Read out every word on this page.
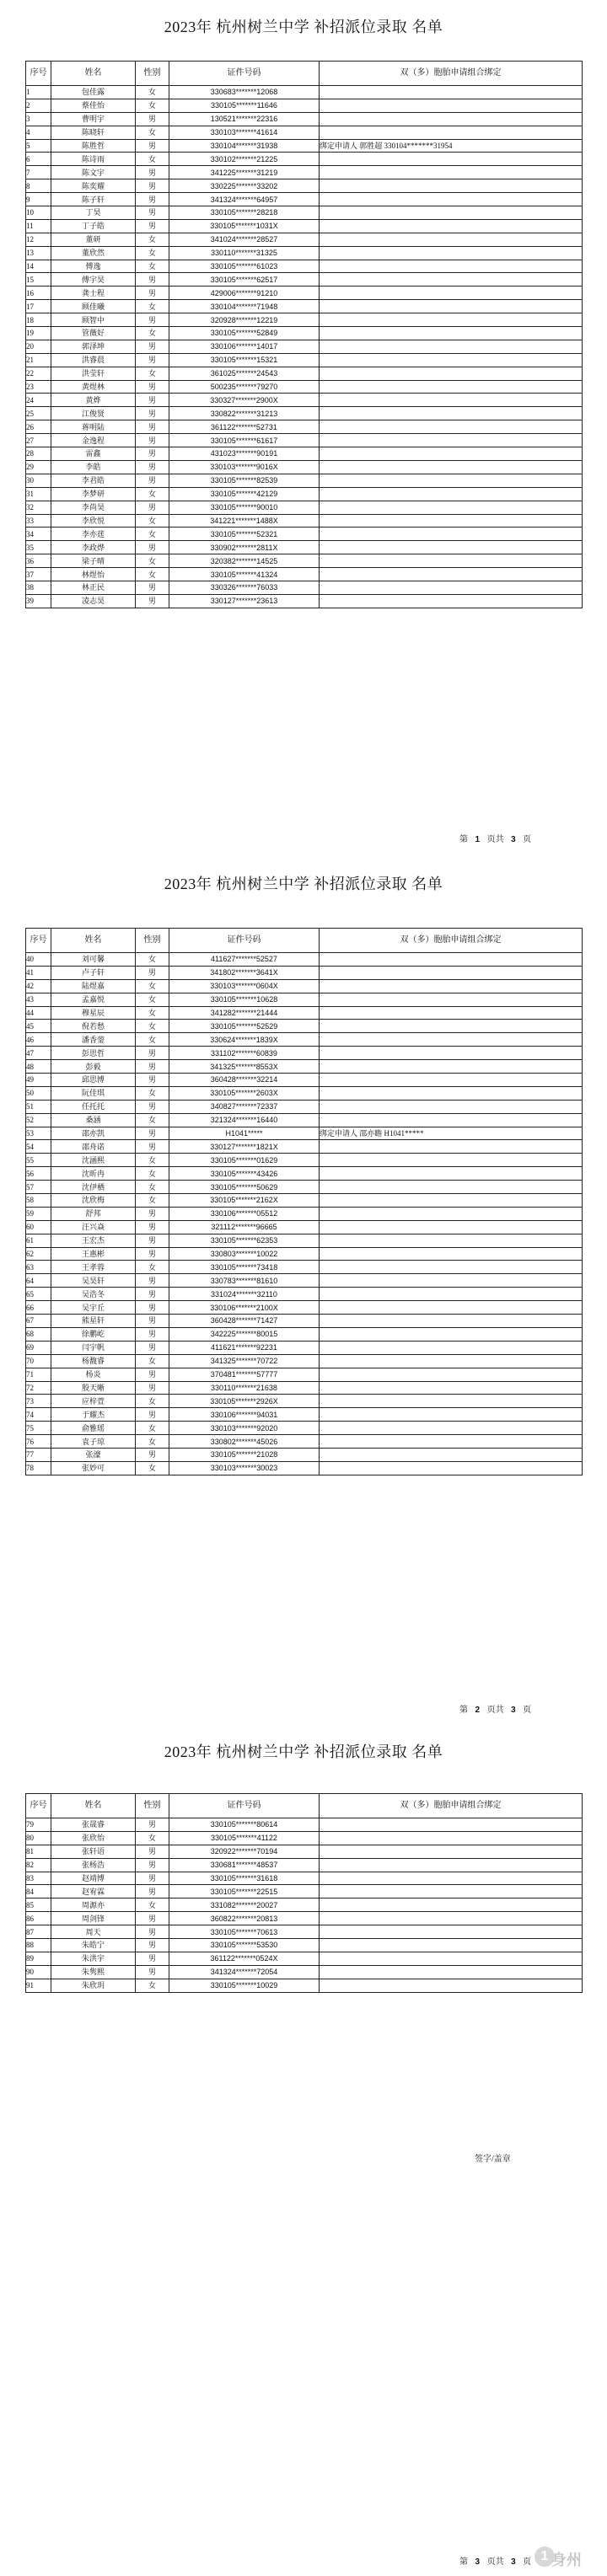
2023年 杭州树兰中学 补招派位录取 名单
序号	姓名	性别	证件号码	双（多）胞胎申请组合绑定
1	包佳露	女	330683*******12068	
2	蔡佳怡	女	330105*******11646	
3	曹明宇	男	130521*******22316	
4	陈晓轩	女	330103*******41614	
5	陈胜哲	男	330104*******31938	绑定申请人 郭胜超 330104*******31954
6	陈诗雨	女	330102*******21225	
7	陈文宇	男	341225*******31219	
8	陈奕耀	男	330225*******33202	
9	陈子轩	男	341324*******64957	
10	丁昊	男	330105*******28218	
11	丁子皓	男	330105*******1031X	
12	董研	女	341024*******28527	
13	董欣然	女	330110*******31325	
14	傅逸	女	330105*******61023	
15	傅宇昊	男	330105*******62517	
16	龚士程	男	429006*******91210	
17	顾佳曦	女	330104*******71948	
18	顾智中	男	320928*******12219	
19	管薇好	女	330105*******52849	
20	郭泽坤	男	330106*******14017	
21	洪睿晨	男	330105*******15321	
22	洪莹轩	女	361025*******24543	
23	黄煜林	男	500235*******79270	
24	黄烨	男	330327*******2900X	
25	江俊贤	男	330822*******31213	
26	蒋明陆	男	361122*******52731	
27	金逸程	男	330105*******61617	
28	雷鑫	男	431023*******90191	
29	李皓	男	330103*******9016X	
30	李君皓	男	330105*******82539	
31	李梦研	女	330105*******42129	
32	李尚昊	男	330105*******90010	
33	李欣悦	女	341221*******1488X	
34	李亦莛	女	330105*******52321	
35	李政烨	男	330902*******2811X	
36	梁子晴	女	320382*******14525	
37	林煜怡	女	330105*******41324	
38	林正民	男	330326*******76033	
39	凌志昊	男	330127*******23613	
第 1 页共 3 页
2023年 杭州树兰中学 补招派位录取 名单
序号	姓名	性别	证件号码	双（多）胞胎申请组合绑定
40	刘可馨	女	411627*******52527	
41	卢子轩	男	341802*******3641X	
42	陆煜嘉	女	330103*******0604X	
43	孟嘉悦	女	330105*******10628	
44	穆星辰	女	341282*******21444	
45	倪若愁	女	330105*******52529	
46	潘香蓥	女	330624*******1839X	
47	彭思哲	男	331102*******60839	
48	彭毅	男	341325*******8553X	
49	邱思博	男	360428*******32214	
50	阮佳琪	女	330105*******2603X	
51	任托托	男	340827*******72337	
52	桑涵	女	321324*******16440	
53	邵亦凯	男	H1041*****	绑定申请人 邵亦瞻 H1041*****
54	邵舟诺	男	330127*******1821X	
55	沈涵熙	女	330105*******01629	
56	沈昕冉	女	330105*******43426	
57	沈伊栖	女	330105*******50629	
58	沈欣梅	女	330105*******2162X	
59	舒邦	男	330106*******05512	
60	汪兴焱	男	321112*******96665	
61	王宏杰	男	330105*******62353	
62	王惠彬	男	330803*******10022	
63	王孝蓉	女	330105*******73418	
64	吴昊轩	男	330783*******81610	
65	吴浩冬	男	331024*******32110	
66	吴宇丘	男	330106*******2100X	
67	熊星轩	男	360428*******71427	
68	徐鹏屹	男	342225*******80015	
69	闫宇帆	男	411621*******92231	
70	杨馥睿	女	341325*******70722	
71	杨炎	男	370481*******57777	
72	殷天晰	男	330110*******21638	
73	应梓萱	女	330105*******2926X	
74	于耀杰	男	330106*******94031	
75	俞雅瑶	女	330103*******92020	
76	袁子琼	女	330802*******45026	
77	张濠	男	330105*******21028	
78	张妙可	女	330103*******30023	
第 2 页共 3 页
2023年 杭州树兰中学 补招派位录取 名单
序号	姓名	性别	证件号码	双（多）胞胎申请组合绑定
79	张晟睿	男	330105*******80614	
80	张欣怡	女	330105*******41122	
81	张轩语	男	320922*******70194	
82	张杨浩	男	330681*******48537	
83	赵靖博	男	330105*******31618	
84	赵宥霖	男	330105*******22515	
85	周源亦	女	331082*******20027	
86	周剑锋	男	360822*******20813	
87	周天	男	330105*******70613	
88	朱皓宁	男	330105*******53530	
89	朱洪宇	男	361122*******0524X	
90	朱隽熙	男	341324*******72054	
91	朱欣玥	女	330105*******10029	
第 3 页共 3 页
签字/盖章
1 身州
